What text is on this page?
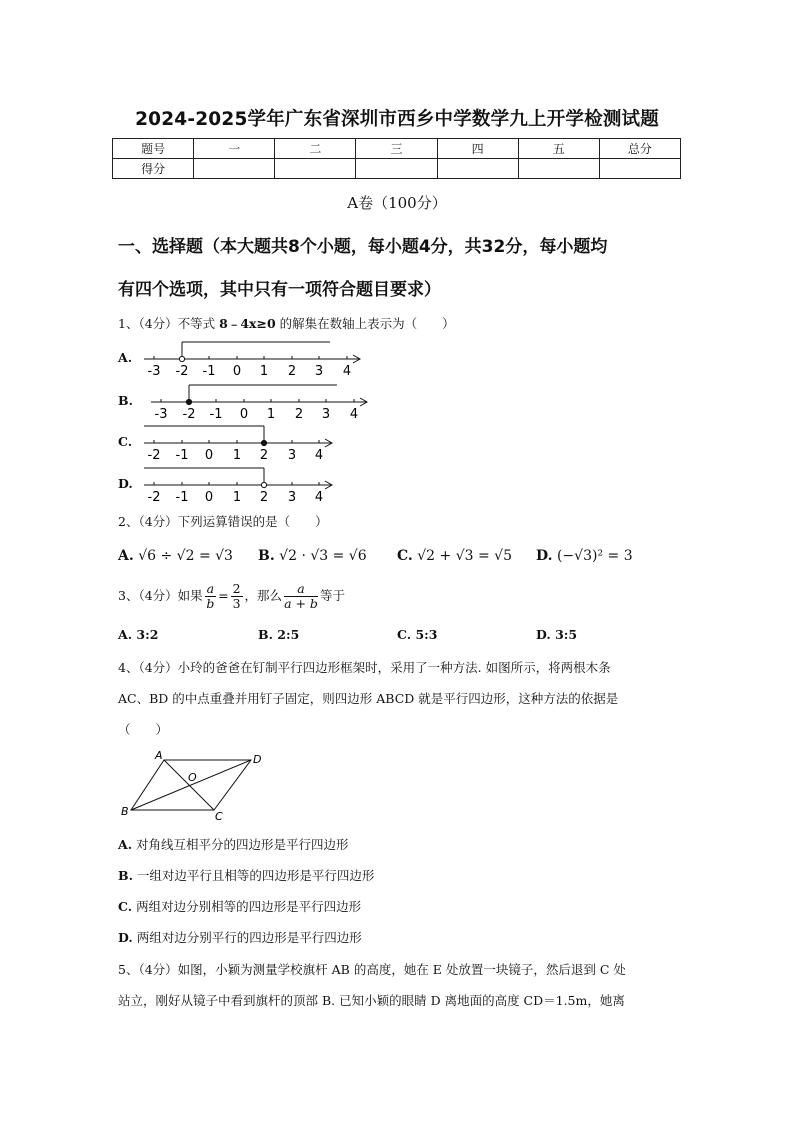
2024-2025学年广东省深圳市西乡中学数学九上开学检测试题
题号	一	二	三	四	五	总分
得分						
A卷（100分）
一、选择题（本大题共8个小题，每小题4分，共32分，每小题均
有四个选项，其中只有一项符合题目要求）
1、（4分）不等式 8﹣4x≥0 的解集在数轴上表示为（　　）
A.
-3 -2 -1 0 1 2 3 4
B.
-3 -2 -1 0 1 2 3 4
C.
-2 -1 0 1 2 3 4
D.
-2 -1 0 1 2 3 4
2、（4分）下列运算错误的是（　　）
A. √6 ÷ √2 = √3 B. √2 · √3 = √6 C. √2 + √3 = √5 D. (−√3)² = 3
3、（4分）如果 $\frac{a}{b} = \frac{2}{3}$ ，那么 $\frac{a}{a + b}$ 等于
A. 3:2	B. 2:5	C. 5:3	D. 3:5
4、（4分）小玲的爸爸在钉制平行四边形框架时，采用了一种方法. 如图所示，将两根木条
AC、BD 的中点重叠并用钉子固定，则四边形 ABCD 就是平行四边形，这种方法的依据是
（　　）
A
B	C
D
O
A. 对角线互相平分的四边形是平行四边形
B. 一组对边平行且相等的四边形是平行四边形
C. 两组对边分别相等的四边形是平行四边形
D. 两组对边分别平行的四边形是平行四边形
5、（4分）如图，小颖为测量学校旗杆 AB 的高度，她在 E 处放置一块镜子，然后退到 C 处
站立，刚好从镜子中看到旗杆的顶部 B. 已知小颖的眼睛 D 离地面的高度 CD＝1.5m，她离
